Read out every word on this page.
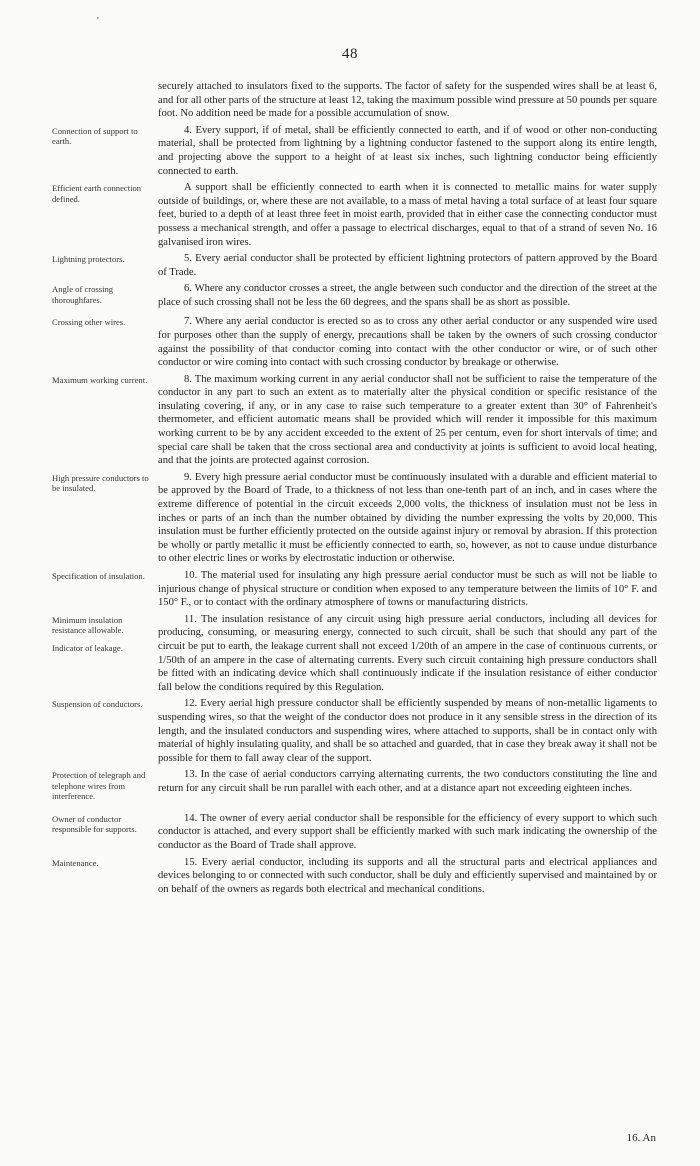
'
48
securely attached to insulators fixed to the supports. The factor of safety for the suspended wires shall be at least 6, and for all other parts of the structure at least 12, taking the maximum possible wind pressure at 50 pounds per square foot. No addition need be made for a possible accumulation of snow.
Connection of support to earth.
4. Every support, if of metal, shall be efficiently connected to earth, and if of wood or other non-conducting material, shall be protected from lightning by a lightning conductor fastened to the support along its entire length, and projecting above the support to a height of at least six inches, such lightning conductor being efficiently connected to earth.
Efficient earth connection defined.
A support shall be efficiently connected to earth when it is connected to metallic mains for water supply outside of buildings, or, where these are not available, to a mass of metal having a total surface of at least four square feet, buried to a depth of at least three feet in moist earth, provided that in either case the connecting conductor must possess a mechanical strength, and offer a passage to electrical discharges, equal to that of a strand of seven No. 16 galvanised iron wires.
Lightning protectors.	5. Every aerial conductor shall be protected by efficient lightning protectors of pattern approved by the Board of Trade.
Angle of crossing thoroughfares.
6. Where any conductor crosses a street, the angle between such conductor and the direction of the street at the place of such crossing shall not be less the 60 degrees, and the spans shall be as short as possible.
Crossing other wires.	7. Where any aerial conductor is erected so as to cross any other aerial conductor or any suspended wire used for purposes other than the supply of energy, precautions shall be taken by the owners of such crossing conductor against the possibility of that conductor coming into contact with the other conductor or wire, or of such other conductor or wire coming into contact with such crossing conductor by breakage or otherwise.
Maximum working current.	8. The maximum working current in any aerial conductor shall not be sufficient to raise the temperature of the conductor in any part to such an extent as to materially alter the physical condition or specific resistance of the insulating covering, if any, or in any case to raise such temperature to a greater extent than 30° of Fahrenheit's thermometer, and efficient automatic means shall be provided which will render it impossible for this maximum working current to be by any accident exceeded to the extent of 25 per centum, even for short intervals of time; and special care shall be taken that the cross sectional area and conductivity at joints is sufficient to avoid local heating, and that the joints are protected against corrosion.
High pressure conductors to be insulated.
9. Every high pressure aerial conductor must be continuously insulated with a durable and efficient material to be approved by the Board of Trade, to a thickness of not less than one-tenth part of an inch, and in cases where the extreme difference of potential in the circuit exceeds 2,000 volts, the thickness of insulation must not be less in inches or parts of an inch than the number obtained by dividing the number expressing the volts by 20,000. This insulation must be further efficiently protected on the outside against injury or removal by abrasion. If this protection be wholly or partly metallic it must be efficiently connected to earth, so, however, as not to cause undue disturbance to other electric lines or works by electrostatic induction or otherwise.
Specification of insulation.	10. The material used for insulating any high pressure aerial conductor must be such as will not be liable to injurious change of physical structure or condition when exposed to any temperature between the limits of 10° F. and 150° F., or to contact with the ordinary atmosphere of towns or manufacturing districts.
Minimum insulation resistance allowable.
Indicator of leakage.
11. The insulation resistance of any circuit using high pressure aerial conductors, including all devices for producing, consuming, or measuring energy, connected to such circuit, shall be such that should any part of the circuit be put to earth, the leakage current shall not exceed 1/20th of an ampere in the case of continuous currents, or 1/50th of an ampere in the case of alternating currents. Every such circuit containing high pressure conductors shall be fitted with an indicating device which shall continuously indicate if the insulation resistance of either conductor fall below the conditions required by this Regulation.
Suspension of conductors.	12. Every aerial high pressure conductor shall be efficiently suspended by means of non-metallic ligaments to suspending wires, so that the weight of the conductor does not produce in it any sensible stress in the direction of its length, and the insulated conductors and suspending wires, where attached to supports, shall be in contact only with material of highly insulating quality, and shall be so attached and guarded, that in case they break away it shall not be possible for them to fall away clear of the support.
Protection of telegraph and telephone wires from interference.
13. In the case of aerial conductors carrying alternating currents, the two conductors constituting the line and return for any circuit shall be run parallel with each other, and at a distance apart not exceeding eighteen inches.
Owner of conductor responsible for supports.
14. The owner of every aerial conductor shall be responsible for the efficiency of every support to which such conductor is attached, and every support shall be efficiently marked with such mark indicating the ownership of the conductor as the Board of Trade shall approve.
Maintenance.	15. Every aerial conductor, including its supports and all the structural parts and electrical appliances and devices belonging to or connected with such conductor, shall be duly and efficiently supervised and maintained by or on behalf of the owners as regards both electrical and mechanical conditions.
16. An
